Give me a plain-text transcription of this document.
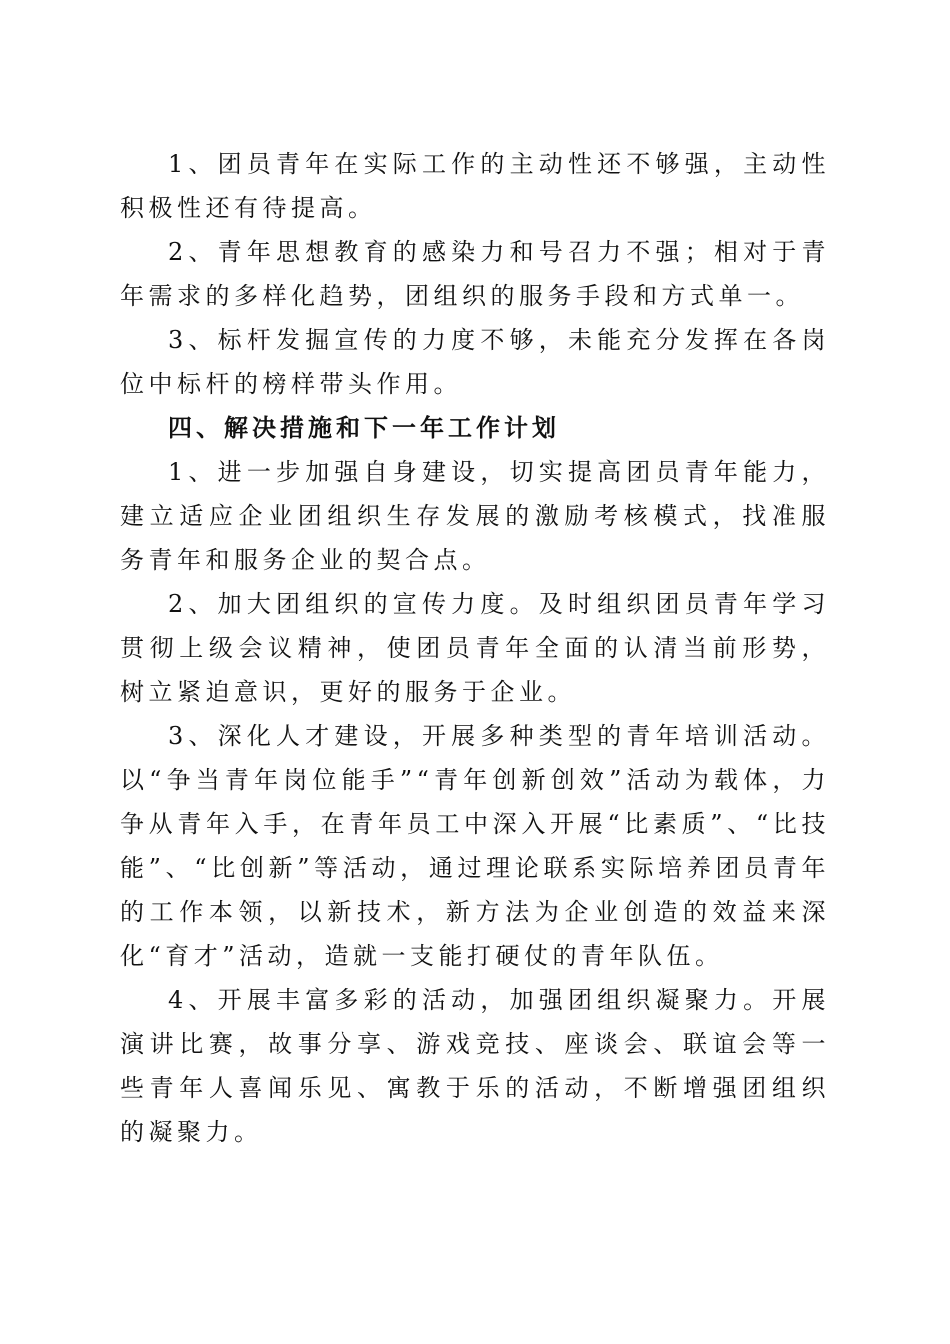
1、团员青年在实际工作的主动性还不够强，主动性积极性还有待提高。

2、青年思想教育的感染力和号召力不强；相对于青年需求的多样化趋势，团组织的服务手段和方式单一。

3、标杆发掘宣传的力度不够，未能充分发挥在各岗位中标杆的榜样带头作用。

四、解决措施和下一年工作计划

1、进一步加强自身建设，切实提高团员青年能力，建立适应企业团组织生存发展的激励考核模式，找准服务青年和服务企业的契合点。

2、加大团组织的宣传力度。及时组织团员青年学习贯彻上级会议精神，使团员青年全面的认清当前形势，树立紧迫意识，更好的服务于企业。

3、深化人才建设，开展多种类型的青年培训活动。以“争当青年岗位能手”“青年创新创效”活动为载体，力争从青年入手，在青年员工中深入开展“比素质”、“比技能”、“比创新”等活动，通过理论联系实际培养团员青年的工作本领，以新技术，新方法为企业创造的效益来深化“育才”活动，造就一支能打硬仗的青年队伍。

4、开展丰富多彩的活动，加强团组织凝聚力。开展演讲比赛，故事分享、游戏竞技、座谈会、联谊会等一些青年人喜闻乐见、寓教于乐的活动，不断增强团组织的凝聚力。
